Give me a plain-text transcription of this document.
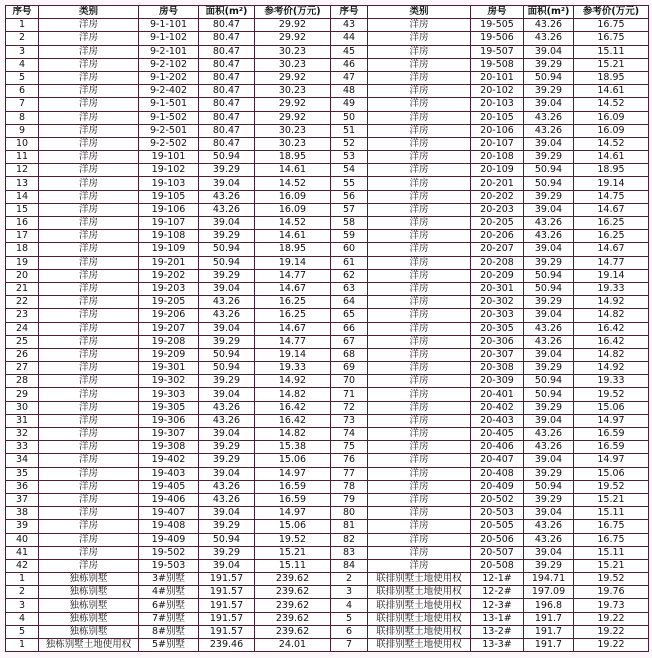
序号	类别	房号	面积(m²)	参考价(万元)	序号	类别	房号	面积(m²)	参考价(万元)
1	洋房	9-1-101	80.47	29.92	43	洋房	19-505	43.26	16.75
2	洋房	9-1-102	80.47	29.92	44	洋房	19-506	43.26	16.75
3	洋房	9-2-101	80.47	30.23	45	洋房	19-507	39.04	15.11
4	洋房	9-2-102	80.47	30.23	46	洋房	19-508	39.29	15.21
5	洋房	9-1-202	80.47	29.92	47	洋房	20-101	50.94	18.95
6	洋房	9-2-402	80.47	30.23	48	洋房	20-102	39.29	14.61
7	洋房	9-1-501	80.47	29.92	49	洋房	20-103	39.04	14.52
8	洋房	9-1-502	80.47	29.92	50	洋房	20-105	43.26	16.09
9	洋房	9-2-501	80.47	30.23	51	洋房	20-106	43.26	16.09
10	洋房	9-2-502	80.47	30.23	52	洋房	20-107	39.04	14.52
11	洋房	19-101	50.94	18.95	53	洋房	20-108	39.29	14.61
12	洋房	19-102	39.29	14.61	54	洋房	20-109	50.94	18.95
13	洋房	19-103	39.04	14.52	55	洋房	20-201	50.94	19.14
14	洋房	19-105	43.26	16.09	56	洋房	20-202	39.29	14.75
15	洋房	19-106	43.26	16.09	57	洋房	20-203	39.04	14.67
16	洋房	19-107	39.04	14.52	58	洋房	20-205	43.26	16.25
17	洋房	19-108	39.29	14.61	59	洋房	20-206	43.26	16.25
18	洋房	19-109	50.94	18.95	60	洋房	20-207	39.04	14.67
19	洋房	19-201	50.94	19.14	61	洋房	20-208	39.29	14.77
20	洋房	19-202	39.29	14.77	62	洋房	20-209	50.94	19.14
21	洋房	19-203	39.04	14.67	63	洋房	20-301	50.94	19.33
22	洋房	19-205	43.26	16.25	64	洋房	20-302	39.29	14.92
23	洋房	19-206	43.26	16.25	65	洋房	20-303	39.04	14.82
24	洋房	19-207	39.04	14.67	66	洋房	20-305	43.26	16.42
25	洋房	19-208	39.29	14.77	67	洋房	20-306	43.26	16.42
26	洋房	19-209	50.94	19.14	68	洋房	20-307	39.04	14.82
27	洋房	19-301	50.94	19.33	69	洋房	20-308	39.29	14.92
28	洋房	19-302	39.29	14.92	70	洋房	20-309	50.94	19.33
29	洋房	19-303	39.04	14.82	71	洋房	20-401	50.94	19.52
30	洋房	19-305	43.26	16.42	72	洋房	20-402	39.29	15.06
31	洋房	19-306	43.26	16.42	73	洋房	20-403	39.04	14.97
32	洋房	19-307	39.04	14.82	74	洋房	20-405	43.26	16.59
33	洋房	19-308	39.29	15.38	75	洋房	20-406	43.26	16.59
34	洋房	19-402	39.29	15.06	76	洋房	20-407	39.04	14.97
35	洋房	19-403	39.04	14.97	77	洋房	20-408	39.29	15.06
36	洋房	19-405	43.26	16.59	78	洋房	20-409	50.94	19.52
37	洋房	19-406	43.26	16.59	79	洋房	20-502	39.29	15.21
38	洋房	19-407	39.04	14.97	80	洋房	20-503	39.04	15.11
39	洋房	19-408	39.29	15.06	81	洋房	20-505	43.26	16.75
40	洋房	19-409	50.94	19.52	82	洋房	20-506	43.26	16.75
41	洋房	19-502	39.29	15.21	83	洋房	20-507	39.04	15.11
42	洋房	19-503	39.04	15.11	84	洋房	20-508	39.29	15.21
1	独栋别墅	3#别墅	191.57	239.62	2	联排别墅土地使用权	12-1#	194.71	19.52
2	独栋别墅	4#别墅	191.57	239.62	3	联排别墅土地使用权	12-2#	197.09	19.76
3	独栋别墅	6#别墅	191.57	239.62	4	联排别墅土地使用权	12-3#	196.8	19.73
4	独栋别墅	7#别墅	191.57	239.62	5	联排别墅土地使用权	13-1#	191.7	19.22
5	独栋别墅	8#别墅	191.57	239.62	6	联排别墅土地使用权	13-2#	191.7	19.22
1	独栋别墅土地使用权	5#别墅	239.46	24.01	7	联排别墅土地使用权	13-3#	191.7	19.22
